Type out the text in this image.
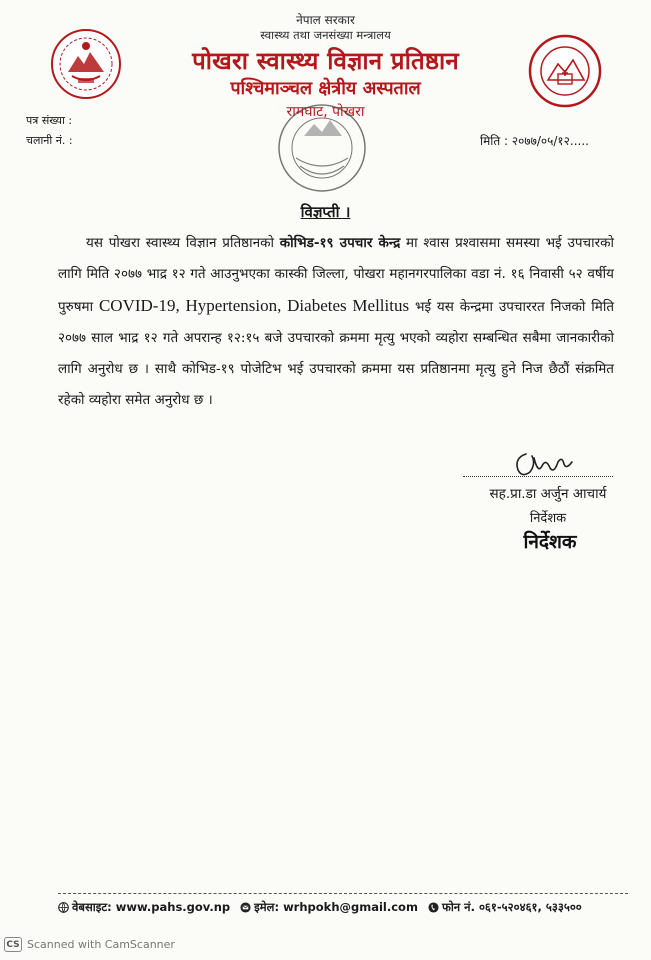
नेपाल सरकार
स्वास्थ्य तथा जनसंख्या मन्त्रालय
पोखरा स्वास्थ्य विज्ञान प्रतिष्ठान
पश्चिमाञ्चल क्षेत्रीय अस्पताल
रामघाट, पोखरा
पत्र संख्या :
चलानी नं. :	मिति : २०७७/०५/१२.....
विज्ञप्ती ।
यस पोखरा स्वास्थ्य विज्ञान प्रतिष्ठानको कोभिड-१९ उपचार केन्द्र मा श्वास प्रश्वासमा समस्या भई उपचारको लागि मिति २०७७ भाद्र १२ गते आउनुभएका कास्की जिल्ला, पोखरा महानगरपालिका वडा नं. १६ निवासी ५२ वर्षीय पुरुषमा COVID-19, Hypertension, Diabetes Mellitus भई यस केन्द्रमा उपचाररत निजको मिति २०७७ साल भाद्र १२ गते अपरान्ह १२:१५ बजे उपचारको क्रममा मृत्यु भएको व्यहोरा सम्बन्धित सबैमा जानकारीको लागि अनुरोध छ । साथै कोभिड-१९ पोजेटिभ भई उपचारको क्रममा यस प्रतिष्ठानमा मृत्यु हुने निज छैठौं संक्रमित रहेको व्यहोरा समेत अनुरोध छ ।
सह.प्रा.डा अर्जुन आचार्य
निर्देशक
निर्देशक
वेबसाइट: www.pahs.gov.np इमेल: wrhpokh@gmail.com फोन नं. ०६१-५२०४६१, ५३३५००
CS Scanned with CamScanner
